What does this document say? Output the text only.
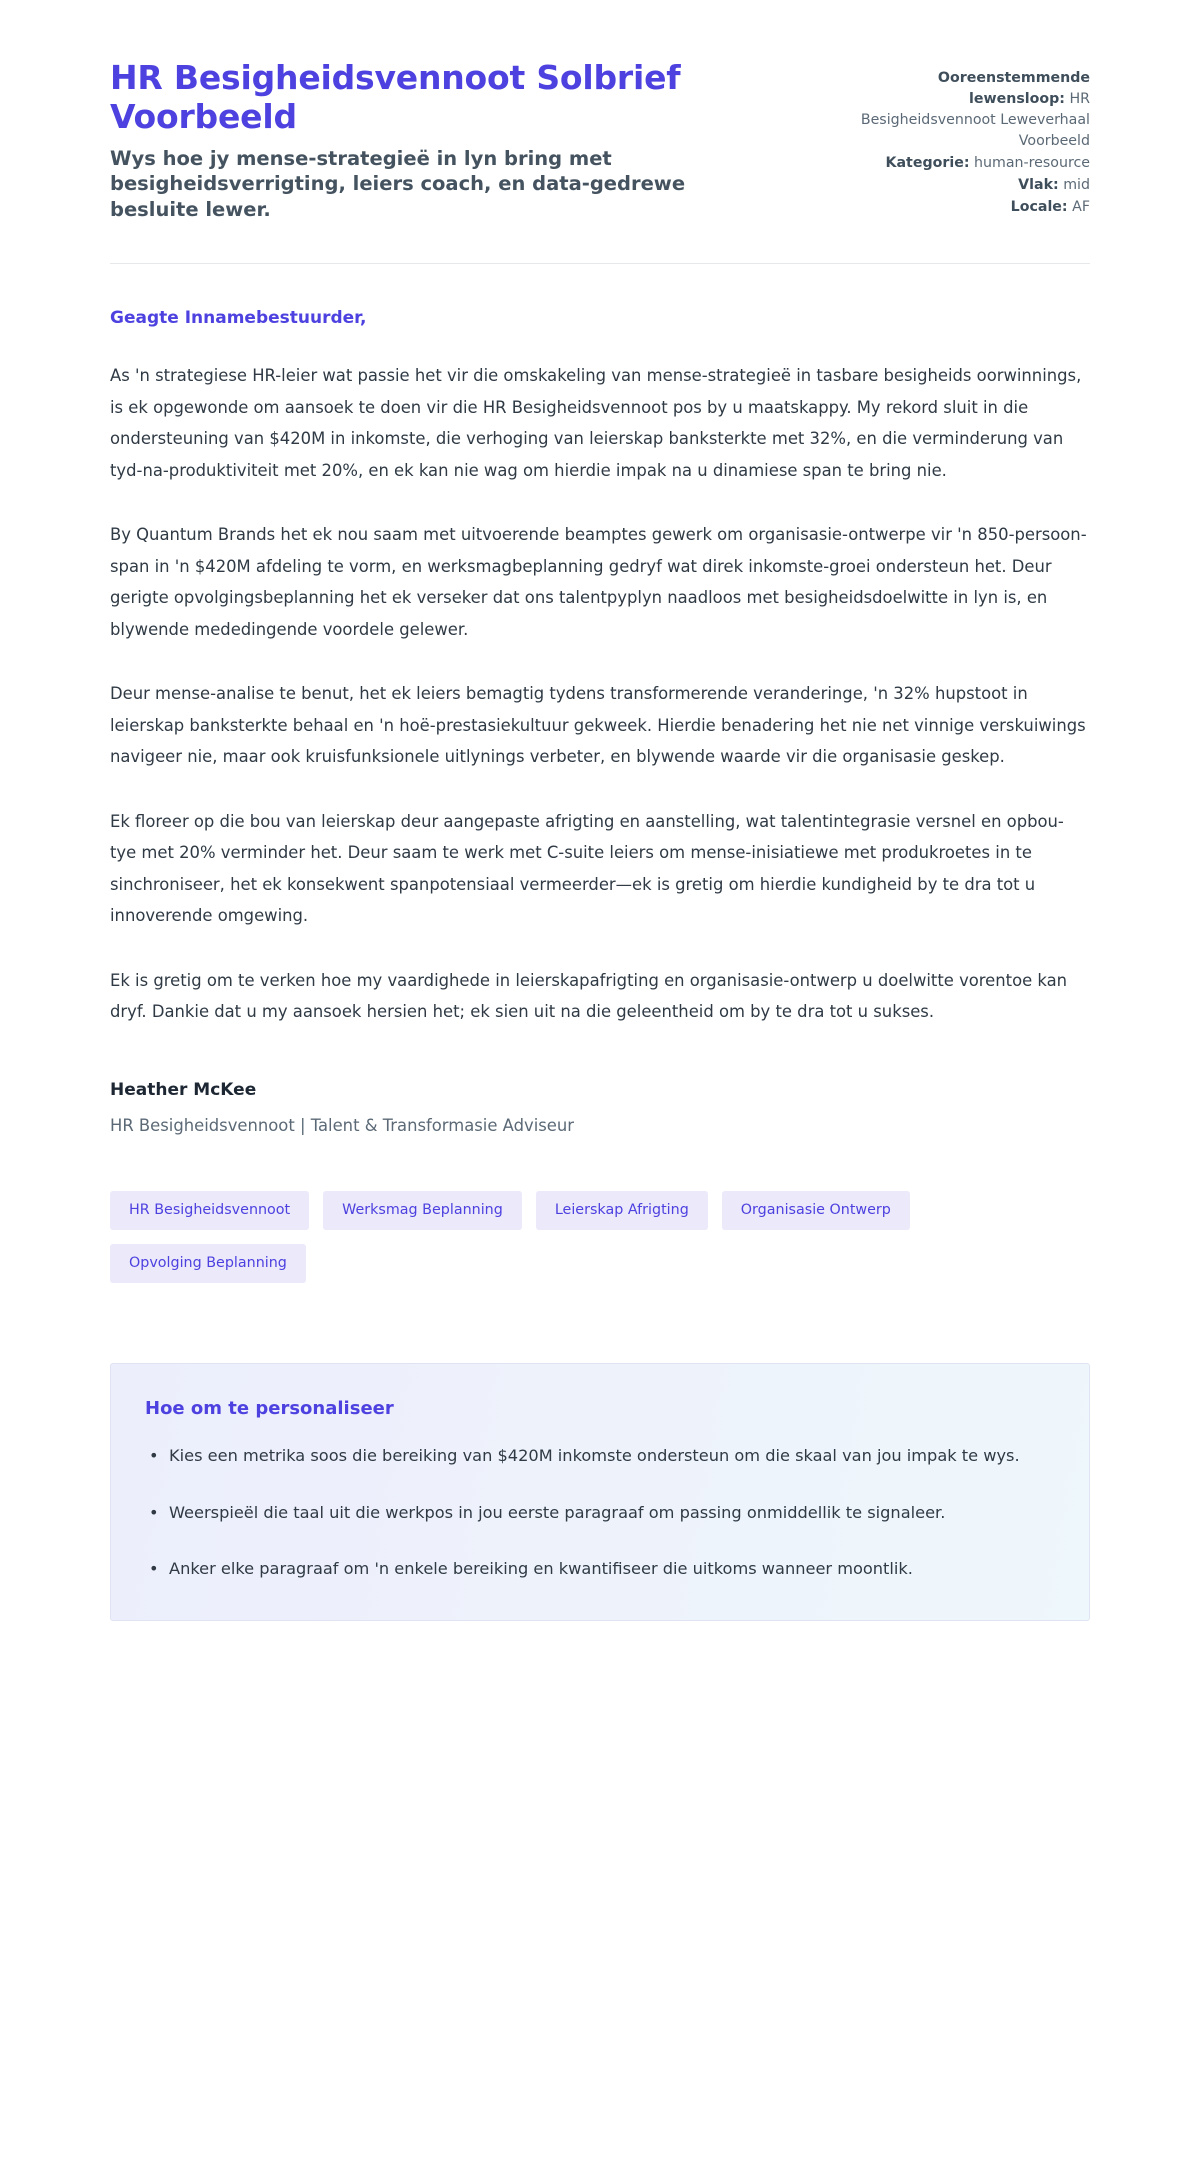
HR Besigheidsvennoot Solbrief Voorbeeld

Wys hoe jy mense-strategieë in lyn bring met besigheidsverrigting, leiers coach, en data-gedrewe besluite lewer.

Ooreenstemmende lewensloop: HR Besigheidsvennoot Leweverhaal Voorbeeld
Kategorie: human-resource
Vlak: mid
Locale: AF

Geagte Innamebestuurder,

As 'n strategiese HR-leier wat passie het vir die omskakeling van mense-strategieë in tasbare besigheids oorwinnings, is ek opgewonde om aansoek te doen vir die HR Besigheidsvennoot pos by u maatskappy. My rekord sluit in die ondersteuning van $420M in inkomste, die verhoging van leierskap banksterkte met 32%, en die verminderung van tyd-na-produktiviteit met 20%, en ek kan nie wag om hierdie impak na u dinamiese span te bring nie.

By Quantum Brands het ek nou saam met uitvoerende beamptes gewerk om organisasie-ontwerpe vir 'n 850-persoon-span in 'n $420M afdeling te vorm, en werksmagbeplanning gedryf wat direk inkomste-groei ondersteun het. Deur gerigte opvolgingsbeplanning het ek verseker dat ons talentpyplyn naadloos met besigheidsdoelwitte in lyn is, en blywende mededingende voordele gelewer.

Deur mense-analise te benut, het ek leiers bemagtig tydens transformerende veranderinge, 'n 32% hupstoot in leierskap banksterkte behaal en 'n hoë-prestasiekultuur gekweek. Hierdie benadering het nie net vinnige verskuiwings navigeer nie, maar ook kruisfunksionele uitlynings verbeter, en blywende waarde vir die organisasie geskep.

Ek floreer op die bou van leierskap deur aangepaste afrigting en aanstelling, wat talentintegrasie versnel en opbou-tye met 20% verminder het. Deur saam te werk met C-suite leiers om mense-inisiatiewe met produkroetes in te sinchroniseer, het ek konsekwent spanpotensiaal vermeerder—ek is gretig om hierdie kundigheid by te dra tot u innoverende omgewing.

Ek is gretig om te verken hoe my vaardighede in leierskapafrigting en organisasie-ontwerp u doelwitte vorentoe kan dryf. Dankie dat u my aansoek hersien het; ek sien uit na die geleentheid om by te dra tot u sukses.

Heather McKee

HR Besigheidsvennoot | Talent & Transformasie Adviseur

HR Besigheidsvennoot	Werksmag Beplanning	Leierskap Afrigting	Organisasie Ontwerp
Opvolging Beplanning
Hoe om te personaliseer
• Kies een metrika soos die bereiking van $420M inkomste ondersteun om die skaal van jou impak te wys.
• Weerspieël die taal uit die werkpos in jou eerste paragraaf om passing onmiddellik te signaleer.
• Anker elke paragraaf om 'n enkele bereiking en kwantifiseer die uitkoms wanneer moontlik.
